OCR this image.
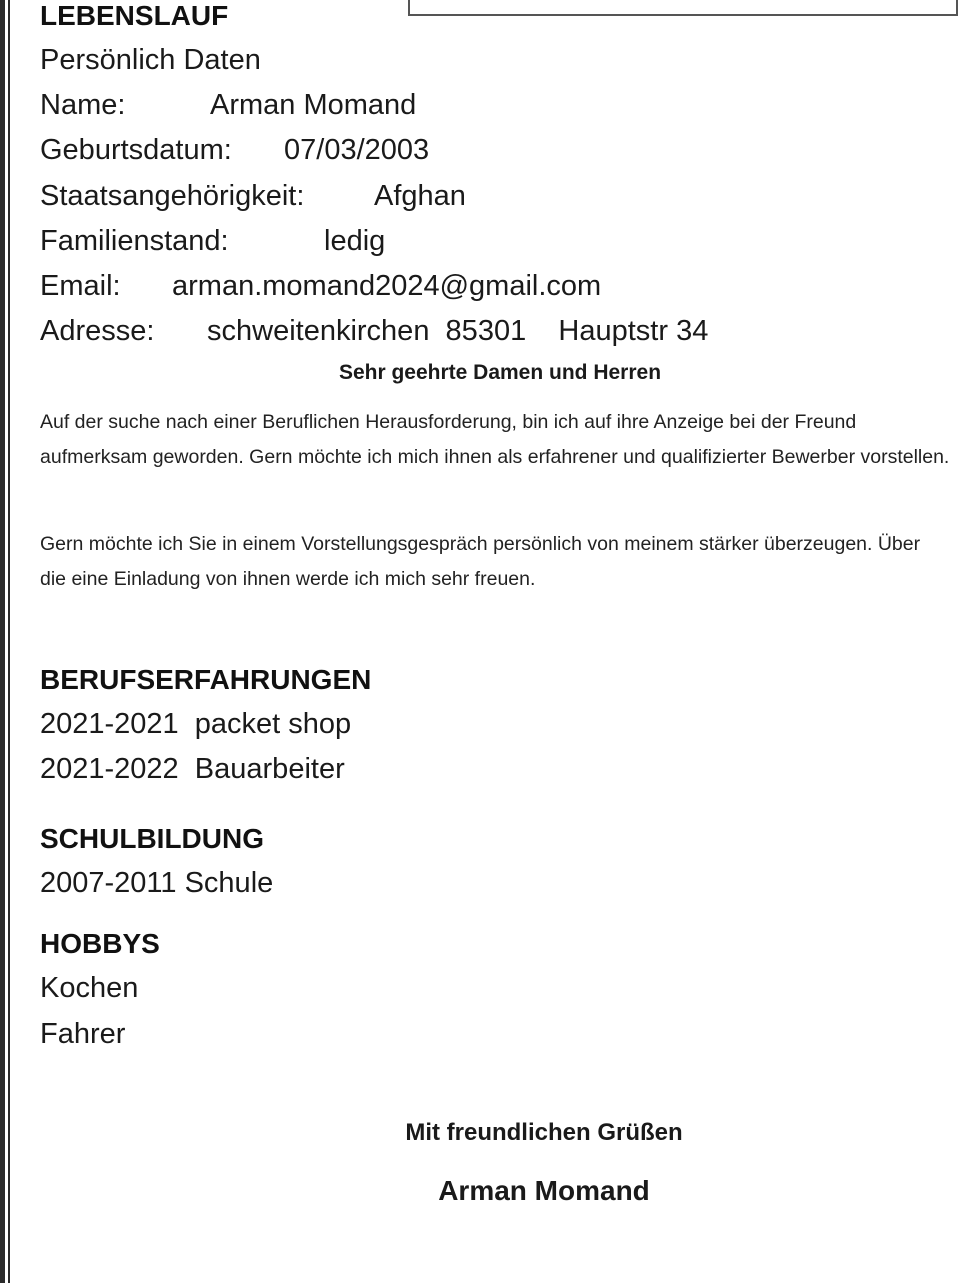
LEBENSLAUF
Persönlich Daten
Name:	Arman Momand
Geburtsdatum: 07/03/2003
Staatsangehörigkeit: Afghan
Familienstand:	ledig
Email: arman.momand2024@gmail.com
Adresse: schweitenkirchen  85301    Hauptstr 34
Sehr geehrte Damen und Herren
Auf der suche nach einer Beruflichen Herausforderung, bin ich auf ihre Anzeige bei der Freund aufmerksam geworden. Gern möchte ich mich ihnen als erfahrener und qualifizierter Bewerber vorstellen.
Gern möchte ich Sie in einem Vorstellungsgespräch persönlich von meinem stärker überzeugen. Über die eine Einladung von ihnen werde ich mich sehr freuen.
BERUFSERFAHRUNGEN
2021-2021  packet shop
2021-2022  Bauarbeiter
SCHULBILDUNG
2007-2011 Schule
HOBBYS
Kochen
Fahrer
Mit freundlichen Grüßen
Arman Momand
